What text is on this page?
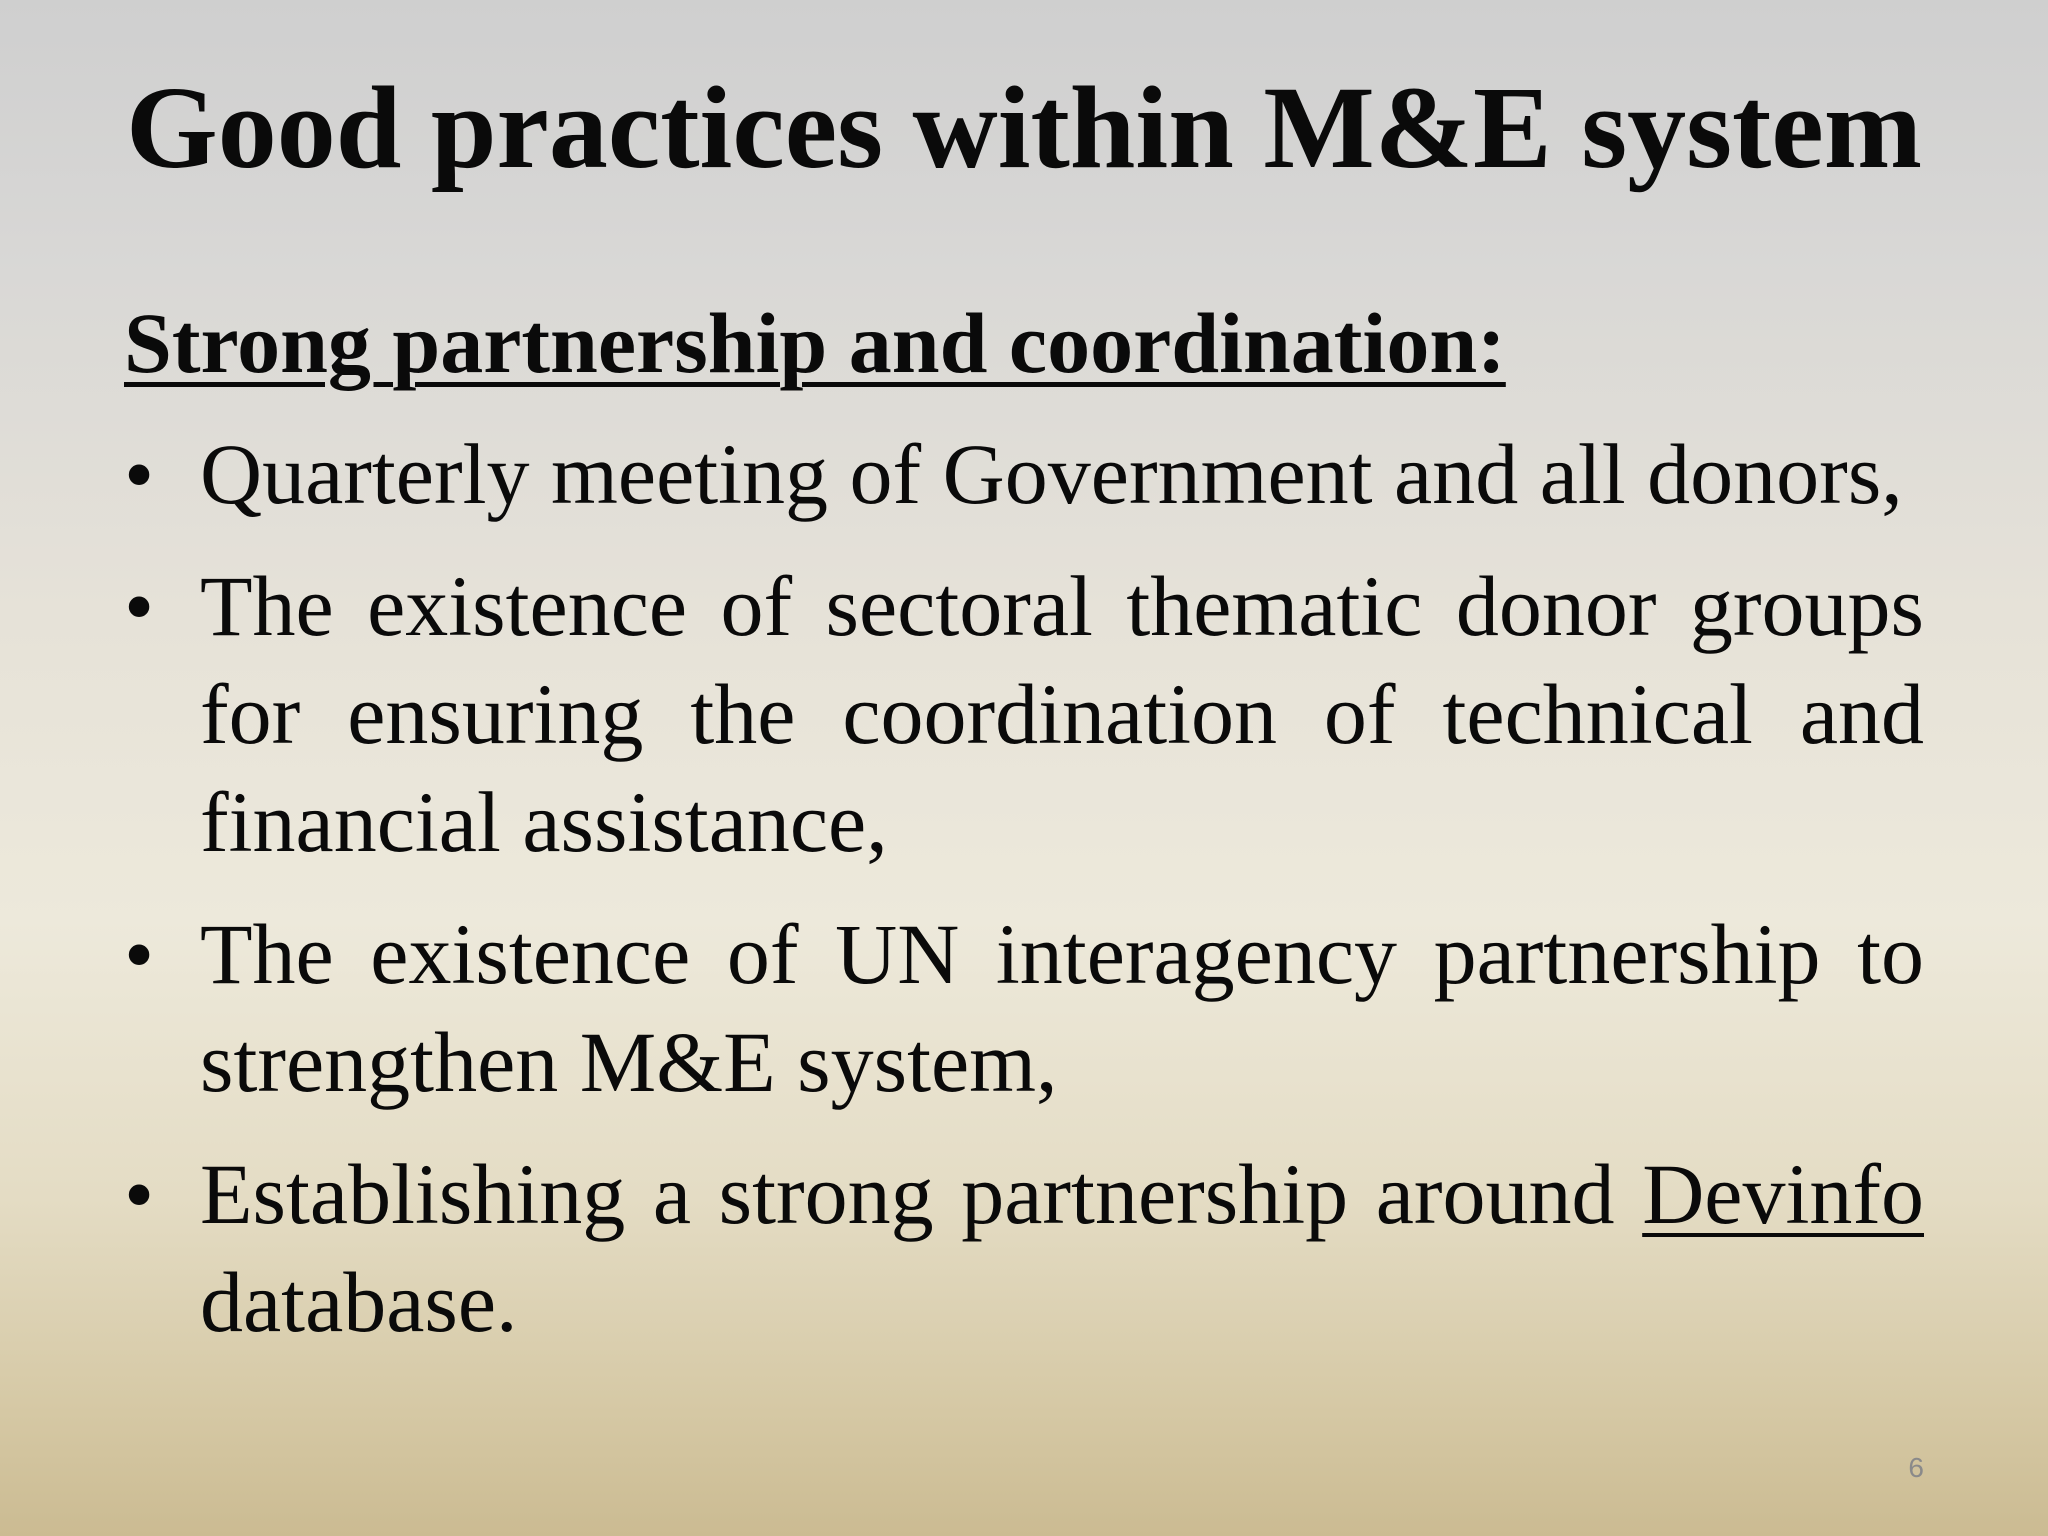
Good practices within M&E system
Strong partnership and coordination:
• Quarterly meeting of Government and all donors,
• The existence of sectoral thematic donor groups for ensuring the coordination of technical and financial assistance,
• The existence of UN interagency partnership to strengthen M&E system,
• Establishing a strong partnership around Devinfo database.
6
